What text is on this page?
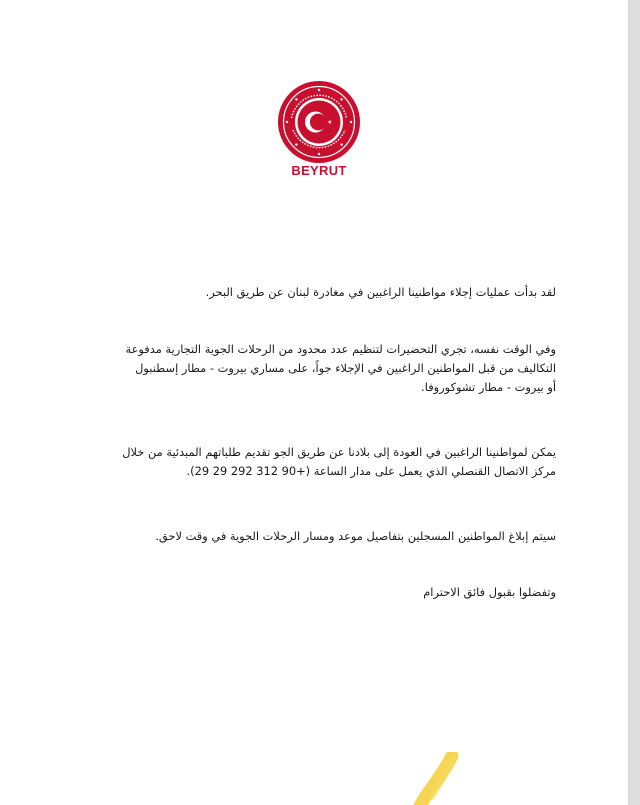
BEYRUT

لقد بدأت عمليات إجلاء مواطنينا الراغبين في مغادرة لبنان عن طريق البحر.

وفي الوقت نفسه، تجري التحضيرات لتنظيم عدد محدود من الرحلات الجوية التجارية مدفوعة
التكاليف من قبل المواطنين الراغبين في الإجلاء جواً، على مساري بيروت - مطار إسطنبول
أو بيروت - مطار تشوكوروفا.

يمكن لمواطنينا الراغبين في العودة إلى بلادنا عن طريق الجو تقديم طلباتهم المبدئية من خلال
مركز الاتصال القنصلي الذي يعمل على مدار الساعة (+90 312 292 29 29).

سيتم إبلاغ المواطنين المسجلين بتفاصيل موعد ومسار الرحلات الجوية في وقت لاحق.

وتفضلوا بقبول فائق الاحترام
